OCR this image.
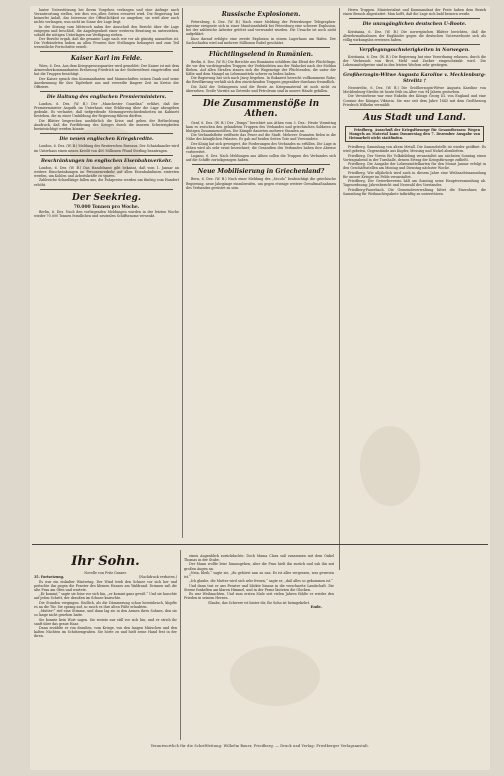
lauter Unterstützung bei ihrem Vorgehen verlangen und eine Anfrage nach Verantwortung stellen, wie dies von allen Seiten erwartet wird. Die Regierung hat keinerlei Anlaß, das Interesse der Öffentlichkeit zu umgehen; sie wird aber auch nichts verlangen, was nicht im Sinne der Lage liegt.

In der Sitzung vom Mittwoch nahm der Ausschuß den Bericht über die Lage entgegen und beschloß, die Angelegenheit einer weiteren Beratung zu unterziehen, sobald die nötigen Unterlagen zur Verfügung stehen.

Der Bericht ergab, daß die gesamte Lage nach wie vor als günstig anzusehen ist. Die Verbündeten haben an allen Fronten ihre Stellungen behauptet und zum Teil wesentliche Fortschritte erzielt.

Kaiser Karl im Felde.

Wien, 6. Dez. Aus dem Kriegspressequartier wird gemeldet: Der Kaiser ist mit dem Armeeoberkommandanten Erzherzog Friedrich an der Südwestfront eingetroffen und hat die Truppen besichtigt.

Der Kaiser sprach den Kommandanten und Mannschaften seinen Dank und seine Anerkennung für ihre Tapferkeit aus und verweilte längere Zeit im Kreise der Offiziere.

Die Haltung des englischen Premierministers.

London, 6. Dez. (W. B.) Der „Manchester Guardian“ erfährt, daß der Premierminister Asquith im Unterhaus eine Erklärung über die Lage abzugeben gedenkt. Es verlautet, daß tiefgreifende Meinungsverschiedenheiten im Kabinett bestehen, die zu einer Umbildung der Regierung führen dürften.

Die Blätter besprechen ausführlich die Krise und geben der Befürchtung Ausdruck, daß die Fortführung des Krieges durch die inneren Schwierigkeiten beeinträchtigt werden könnte.

Die neuen englischen Kriegskredite.

London, 6. Dez. (W. B.) Meldung des Reuterschen Bureaus. Der Schatzkanzler wird im Unterhaus einen neuen Kredit von 400 Millionen Pfund Sterling beantragen.

Beschränkungen im englischen Eisenbahnverkehr.

London, 6. Dez. (W. B.) Das Handelsamt gibt bekannt, daß vom 1. Januar an weitere Einschränkungen im Personenverkehr auf allen Eisenbahnlinien eintreten werden, um Kohlen und Arbeitskräfte zu sparen.

Zahlreiche Schnellzüge fallen aus, die Fahrpreise werden um fünfzig vom Hundert erhöht.

Der Seekrieg.

70.000 Tonnen pro Woche.

Berlin, 6. Dez. Nach den vorliegenden Meldungen wurden in der letzten Woche wieder 70.000 Tonnen feindlichen und neutralen Schiffsraums versenkt.

Russische Explosionen.

Petersburg, 6. Dez. (W. B.) Nach einer Meldung der Petersburger Telegraphen-Agentur ereignete sich in einer Munitionsfabrik bei Petersburg eine schwere Explosion, bei der zahlreiche Arbeiter getötet und verwundet wurden. Die Ursache ist noch nicht aufgeklärt.

Kurz darauf erfolgte eine zweite Explosion in einem Lagerhaus am Hafen. Der Sachschaden wird auf mehrere Millionen Rubel geschätzt.

Flüchtlingselend in Rumänien.

Berlin, 6. Dez. (W. B.) Die Berichte aus Rumänien schildern das Elend der Flüchtlinge, die vor den vordringenden Truppen der Verbündeten aus der Walachei nach der Moldau fliehen. Auf allen Straßen stauen sich die Wagenzüge der Flüchtenden, die unter der Kälte und dem Mangel an Lebensmitteln schwer zu leiden haben.

Die Regierung hat sich nach Jassy begeben. In Bukarest herrscht vollkommene Ruhe; die Bevölkerung verhält sich den einrückenden Truppen gegenüber durchaus freundlich.

Die Zahl der Gefangenen und die Beute an Kriegsmaterial ist noch nicht zu übersehen. Große Vorräte an Getreide und Petroleum sind in unsere Hände gefallen.

Die Zusammenstöße in Athen.

Genf, 6. Dez. (W. B.) Der „Temps“ berichtet aus Athen vom 3. Dez.: Heute Vormittag kam es zwischen den gelandeten Truppen des Verbandes und griechischen Soldaten zu blutigen Zusammenstößen. Die Kämpfe dauerten mehrere Stunden an.

Die Verbandsflotte eröffnete das Feuer auf die Stadt. Mehrere Granaten fielen in die Nähe des königlichen Palastes. Es gab auf beiden Seiten Tote und Verwundete.

Der König hat sich geweigert, die Forderungen des Verbandes zu erfüllen. Die Lage in Athen wird als sehr ernst bezeichnet; die Gesandten des Verbandes haben ihre Abreise vorbereitet.

Lugano, 6. Dez. Nach Meldungen aus Athen sollen die Truppen des Verbandes sich auf die Schiffe zurückgezogen haben.

Neue Mobilisierung in Griechenland?

Bern, 6. Dez. (W. B.) Nach einer Meldung des „Secolo“ beabsichtigt die griechische Regierung, neue Jahrgänge einzuberufen, um gegen etwaige weitere Gewaltmaßnahmen des Verbandes gerüstet zu sein.

Herrn Truppen. Ministerialrat und Kommandant der Feste haben dem Bezirk einen Besuch abgestattet. Man hofft, daß die Lage sich bald bessern werde.

Die unzugänglichen deutschen U-Boote.

Kristiania, 6. Dez. (W. B.) Die norwegischen Blätter berichten, daß die Abwehrmaßnahmen der Engländer gegen die deutschen Unterseeboote sich als völlig wirkungslos erwiesen haben.

Verpflegungsschwierigkeiten in Norwegen.

Kristiania, 6. Dez. (W. B.) Die Regierung hat eine Verordnung erlassen, durch die der Verbrauch von Brot, Mehl und Zucker eingeschränkt wird. Die Lebensmittelpreise sind in den letzten Wochen sehr gestiegen.

Großherzogin-Witwe Augusta Karoline v. Mecklenburg-Strelitz †

Neustrelitz, 6. Dez. (W. B.) Die Großherzogin-Witwe Augusta Karoline von Mecklenburg-Strelitz ist heute früh im Alter von 94 Jahren gestorben.

Die Verstorbene war eine Enkelin des Königs Georg III. von England und eine Cousine der Königin Viktoria. Sie war seit dem Jahre 1843 mit dem Großherzog Friedrich Wilhelm vermählt.

Aus Stadt und Land.

Friedberg. Ausschuß der Kriegsfürsorge für Gesamthessen: Wegen Mangels an Material kann Donnerstag den 7. Dezember Ausgabe von Heimarbeit nicht stattfinden.

Friedberg. Sammlung von altem Metall. Die Sammelstelle ist wieder geöffnet. Es wird gebeten, Gegenstände aus Kupfer, Messing und Nickel abzuliefern.

Friedberg. Der Verein für Volksbildung veranstaltet am nächsten Sonntag einen Vortragsabend in der Turnhalle, dessen Ertrag der Kriegsfürsorge zufließt.

Friedberg. Die Ausgabe der Lebensmittelkarten für den Monat Januar erfolgt in den Geschäftsstellen am Montag und Dienstag nächster Woche.

Friedberg. Wie alljährlich wird auch in diesem Jahre eine Weihnachtssammlung für unsere Krieger im Felde veranstaltet.

Friedberg. Der Gewerbeverein hält am Sonntag seine Hauptversammlung ab. Tagesordnung: Jahresbericht und Neuwahl des Vorstandes.

Friedberg-Fauerbach. Die Gemeindeverwaltung bittet die Einwohner, die Sammlung für Weihnachtspakete tatkräftig zu unterstützen.

Ihr Sohn.

Novelle von Fritz Ganzer.

35. Fortsetzung.	(Nachdruck verboten.)

Es war ein eiskalter Wintertag. Der Wind trieb den Schnee vor sich her und peitschte ihn gegen die Fenster des kleinen Hauses am Waldrand. Drinnen saß die alte Frau am Ofen und wartete.

„Er kommt,“ sagte sie leise vor sich hin, „er kommt ganz gewiß.“ Und sie lauschte auf jeden Schritt, der draußen im Schnee knirschte.

Die Stunden vergingen. Endlich, als die Dämmerung schon hereinbrach, klopfte es an die Tür. Sie sprang auf, so rasch es ihre alten Füße erlaubten.

„Mutter!“ rief eine Stimme, und dann lag sie in den Armen ihres Sohnes, den sie so lange nicht gesehen hatte.

Sie konnte kein Wort sagen. Sie weinte nur still vor sich hin, und er strich ihr sanft über das graue Haar.

Dann erzählte er von draußen, vom Kriege, von den langen Märschen und den kalten Nächten im Schützengraben. Sie hörte zu und hielt seine Hand fest in der ihren.

einen Augenblick zurückdachte. Doch Mama Clara saß zusammen mit dem Onkel Thomas in der Stube.

Der Mann wollte leise hinausgehen, aber die Frau hielt ihn zurück und sah ihn mit großen Augen an.

„Nein, bleib,“ sagte sie, „du gehörst nun zu uns. Es ist alles vergessen, was gewesen ist.“

„Ich glaube, die Mutter wird sich sehr freuen,“ sagte er, „daß alles so gekommen ist.“

Und dann trat er ans Fenster und blickte hinaus in die verschneite Landschaft. Die Sterne funkelten am klaren Himmel, und in der Ferne läuteten die Glocken.

Es war Weihnachten. Und zum ersten Male seit vielen Jahren fühlte er wieder den Frieden in seinem Herzen.

Glaube, das Schwere ist hinter dir, Ihr Sohn ist heimgekehrt.

Ende.

Verantwortlich für die Schriftleitung: Wilhelm Bauer, Friedberg. — Druck und Verlag: Friedberger Verlagsanstalt.
